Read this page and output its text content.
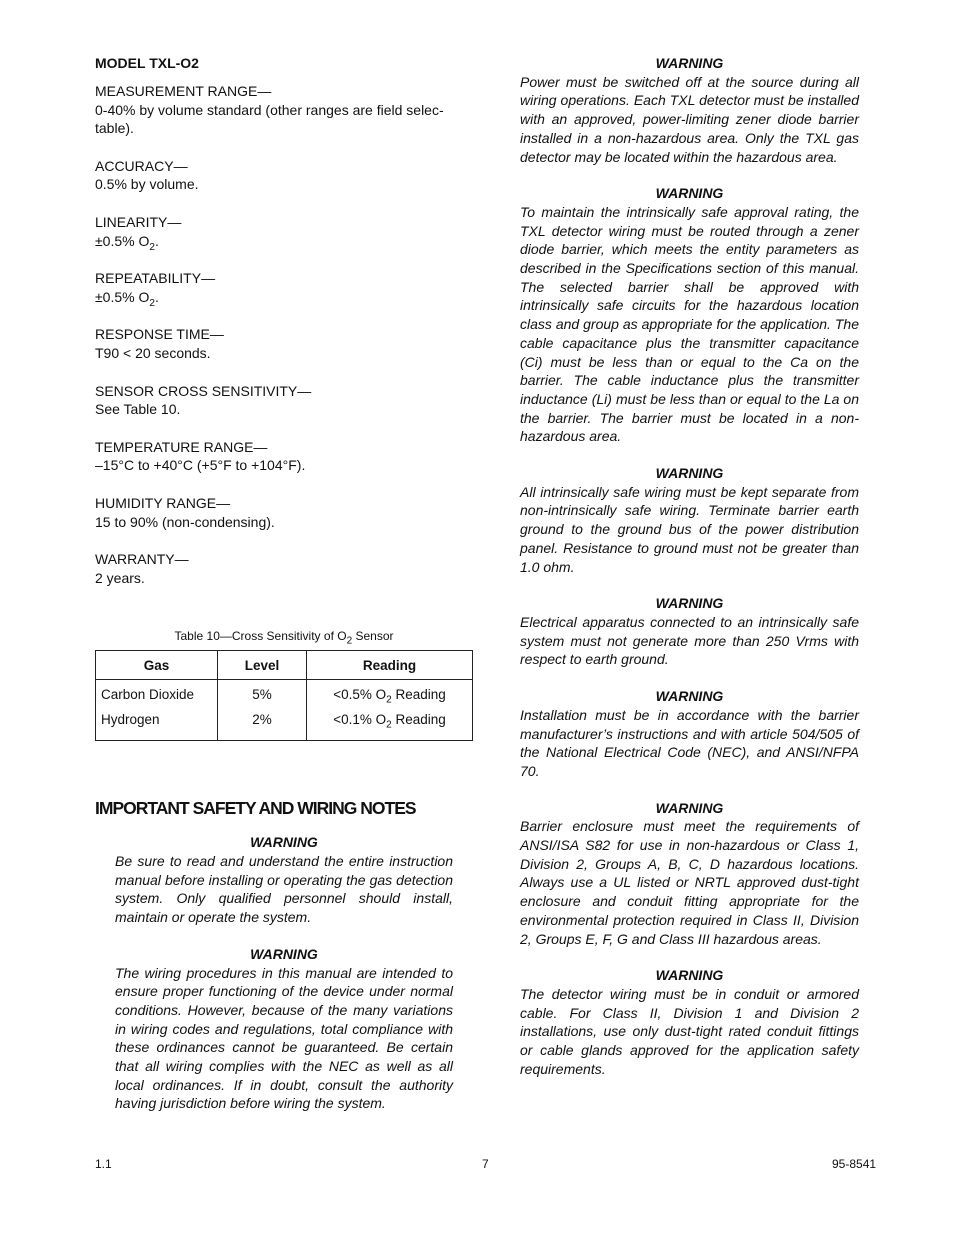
MODEL TXL-O2
MEASUREMENT RANGE—
0-40% by volume standard (other ranges are field selec-table).
ACCURACY—
0.5% by volume.
LINEARITY—
±0.5% $O_2$.
REPEATABILITY—
±0.5% $O_2$.
RESPONSE TIME—
T90 < 20 seconds.
SENSOR CROSS SENSITIVITY—
See Table 10.
TEMPERATURE RANGE—
–15°C to +40°C (+5°F to +104°F).
HUMIDITY RANGE—
15 to 90% (non-condensing).
WARRANTY—
2 years.
Table 10—Cross Sensitivity of $O_2$ Sensor
Gas	Level	Reading
Carbon Dioxide	5%	<0.5% $O_2$ Reading
Hydrogen	2%	<0.1% $O_2$ Reading
IMPORTANT SAFETY AND WIRING NOTES
WARNING
Be sure to read and understand the entire instruction manual before installing or operating the gas detection system. Only qualified personnel should install, maintain or operate the system.
WARNING
The wiring procedures in this manual are intended to ensure proper functioning of the device under normal conditions. However, because of the many variations in wiring codes and regulations, total compliance with these ordinances cannot be guaranteed. Be certain that all wiring complies with the NEC as well as all local ordinances. If in doubt, consult the authority having jurisdiction before wiring the system.
WARNING
Power must be switched off at the source during all wiring operations. Each TXL detector must be installed with an approved, power-limiting zener diode barrier installed in a non-hazardous area. Only the TXL gas detector may be located within the hazardous area.
WARNING
To maintain the intrinsically safe approval rating, the TXL detector wiring must be routed through a zener diode barrier, which meets the entity parameters as described in the Specifications section of this manual. The selected barrier shall be approved with intrinsically safe circuits for the hazardous location class and group as appropriate for the application. The cable capacitance plus the transmitter capacitance (Ci) must be less than or equal to the Ca on the barrier. The cable inductance plus the transmitter inductance (Li) must be less than or equal to the La on the barrier. The barrier must be located in a non-hazardous area.
WARNING
All intrinsically safe wiring must be kept separate from non-intrinsically safe wiring. Terminate barrier earth ground to the ground bus of the power distribution panel. Resistance to ground must not be greater than 1.0 ohm.
WARNING
Electrical apparatus connected to an intrinsically safe system must not generate more than 250 Vrms with respect to earth ground.
WARNING
Installation must be in accordance with the barrier manufacturer’s instructions and with article 504/505 of the National Electrical Code (NEC), and ANSI/NFPA 70.
WARNING
Barrier enclosure must meet the requirements of ANSI/ISA S82 for use in non-hazardous or Class 1, Division 2, Groups A, B, C, D hazardous locations. Always use a UL listed or NRTL approved dust-tight enclosure and conduit fitting appropriate for the environmental protection required in Class II, Division 2, Groups E, F, G and Class III hazardous areas.
WARNING
The detector wiring must be in conduit or armored cable. For Class II, Division 1 and Division 2 installations, use only dust-tight rated conduit fittings or cable glands approved for the application safety requirements.
1.1	7	95-8541
